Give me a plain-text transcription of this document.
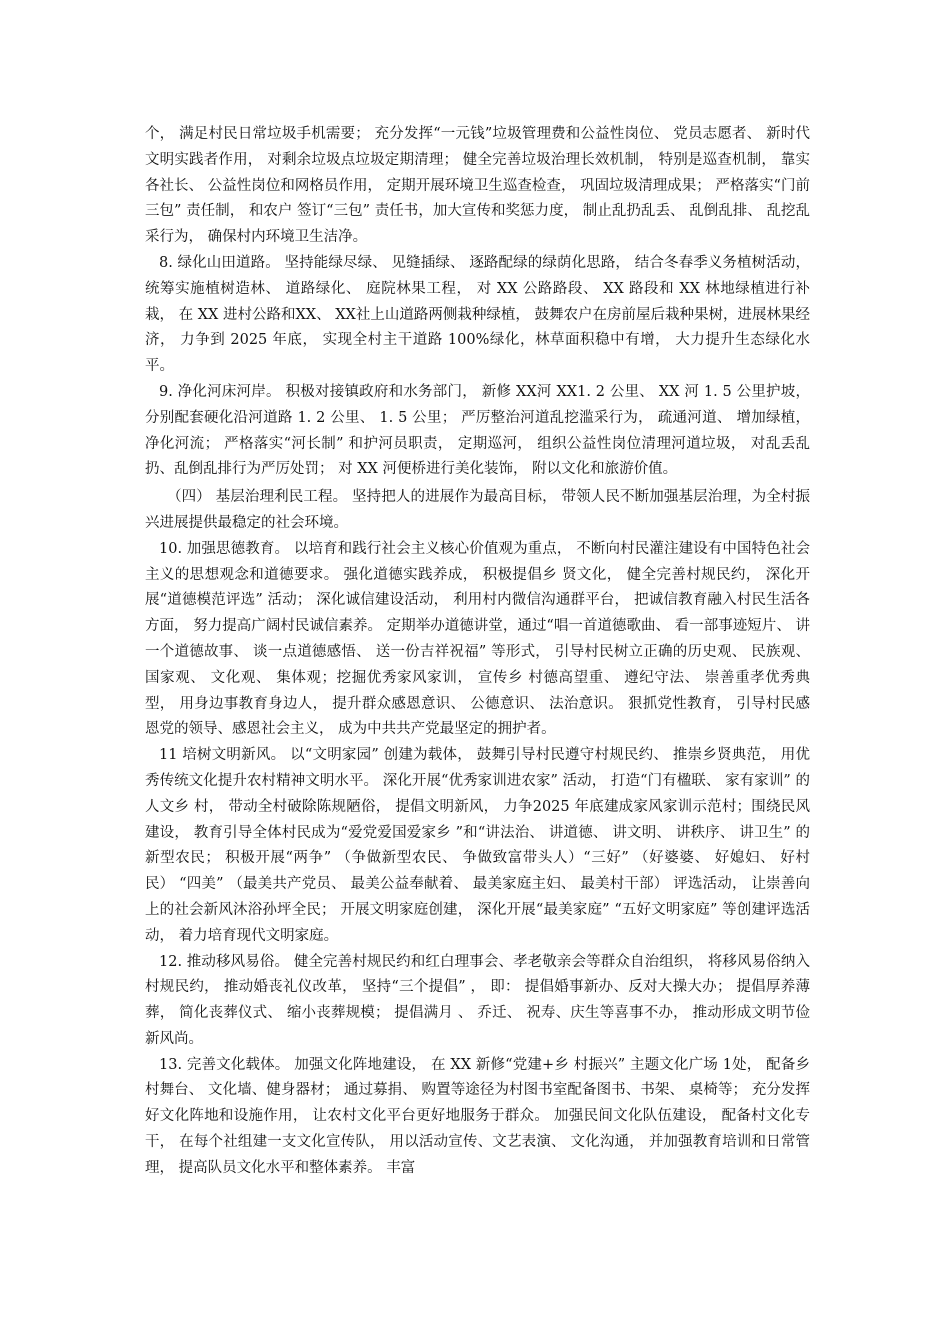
个， 满足村民日常垃圾手机需要； 充分发挥“一元钱”垃圾管理费和公益性岗位、 党员志愿者、 新时代文明实践者作用， 对剩余垃圾点垃圾定期清理； 健全完善垃圾治理长效机制， 特别是巡查机制， 靠实各社长、 公益性岗位和网格员作用， 定期开展环境卫生巡查检查， 巩固垃圾清理成果； 严格落实“门前三包” 责任制， 和农户 签订“三包” 责任书，加大宣传和奖惩力度， 制止乱扔乱丢、 乱倒乱排、 乱挖乱采行为， 确保村内环境卫生洁净。

8. 绿化山田道路。 坚持能绿尽绿、 见缝插绿、 逐路配绿的绿荫化思路， 结合冬春季义务植树活动， 统筹实施植树造林、 道路绿化、 庭院林果工程， 对 XX 公路路段、 XX 路段和 XX 林地绿植进行补栽， 在 XX 进村公路和XX、 XX社上山道路两侧栽种绿植， 鼓舞农户在房前屋后栽种果树，进展林果经济， 力争到 2025 年底， 实现全村主干道路 100%绿化，林草面积稳中有增， 大力提升生态绿化水平。

9. 净化河床河岸。 积极对接镇政府和水务部门， 新修 XX河 XX1. 2 公里、 XX 河 1. 5 公里护坡， 分别配套硬化沿河道路 1. 2 公里、 1. 5 公里； 严厉整治河道乱挖滥采行为， 疏通河道、 增加绿植， 净化河流； 严格落实“河长制” 和护河员职责， 定期巡河， 组织公益性岗位清理河道垃圾， 对乱丢乱扔、乱倒乱排行为严厉处罚； 对 XX 河便桥进行美化装饰， 附以文化和旅游价值。

（四） 基层治理利民工程。 坚持把人的进展作为最高目标， 带领人民不断加强基层治理，为全村振兴进展提供最稳定的社会环境。

10. 加强思德教育。 以培育和践行社会主义核心价值观为重点， 不断向村民灌注建设有中国特色社会主义的思想观念和道德要求。 强化道德实践养成， 积极提倡乡 贤文化， 健全完善村规民约， 深化开展“道德模范评选” 活动； 深化诚信建设活动， 利用村内微信沟通群平台， 把诚信教育融入村民生活各方面， 努力提高广阔村民诚信素养。 定期举办道德讲堂，通过“唱一首道德歌曲、 看一部事迹短片、 讲一个道德故事、 谈一点道德感悟、 送一份吉祥祝福” 等形式， 引导村民树立正确的历史观、 民族观、 国家观、 文化观、 集体观；挖掘优秀家风家训， 宣传乡 村德高望重、 遵纪守法、 崇善重孝优秀典型， 用身边事教育身边人， 提升群众感恩意识、 公德意识、 法治意识。 狠抓党性教育， 引导村民感恩党的领导、感恩社会主义， 成为中共共产党最坚定的拥护者。

11 培树文明新风。 以“文明家园” 创建为载体， 鼓舞引导村民遵守村规民约、 推崇乡贤典范， 用优秀传统文化提升农村精神文明水平。 深化开展“优秀家训进农家” 活动， 打造“门有楹联、 家有家训” 的人文乡 村， 带动全村破除陈规陋俗， 提倡文明新风， 力争2025 年底建成家风家训示范村；围绕民风建设， 教育引导全体村民成为“爱党爱国爱家乡 ”和“讲法治、 讲道德、 讲文明、 讲秩序、 讲卫生” 的新型农民； 积极开展“两争” （争做新型农民、 争做致富带头人）“三好” （好婆婆、 好媳妇、 好村民） “四美” （最美共产党员、 最美公益奉献着、 最美家庭主妇、 最美村干部） 评选活动， 让崇善向上的社会新风沐浴孙坪全民； 开展文明家庭创建， 深化开展“最美家庭” “五好文明家庭” 等创建评选活动， 着力培育现代文明家庭。

12. 推动移风易俗。 健全完善村规民约和红白理事会、孝老敬亲会等群众自治组织， 将移风易俗纳入村规民约， 推动婚丧礼仪改革， 坚持“三个提倡” ， 即： 提倡婚事新办、反对大操大办； 提倡厚养薄葬， 简化丧葬仪式、 缩小丧葬规模； 提倡满月 、 乔迁、 祝寿、庆生等喜事不办， 推动形成文明节俭新风尚。

13. 完善文化载体。 加强文化阵地建设， 在 XX 新修“党建+乡 村振兴” 主题文化广场 1处， 配备乡 村舞台、 文化墙、健身器材； 通过募捐、 购置等途径为村图书室配备图书、书架、 桌椅等； 充分发挥好文化阵地和设施作用， 让农村文化平台更好地服务于群众。 加强民间文化队伍建设， 配备村文化专干， 在每个社组建一支文化宣传队， 用以活动宣传、文艺表演、 文化沟通， 并加强教育培训和日常管理， 提高队员文化水平和整体素养。 丰富
